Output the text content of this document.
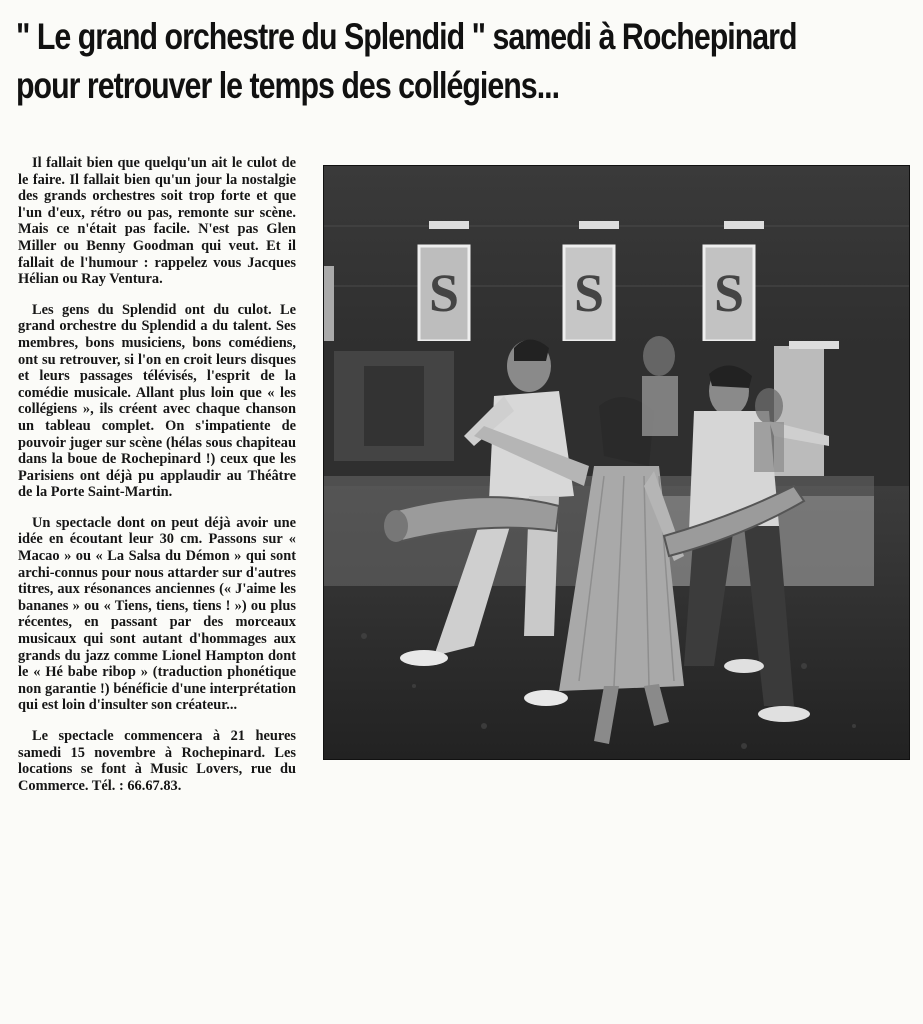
" Le grand orchestre du Splendid " samedi à Rochepinard
pour retrouver le temps des collégiens...

Il fallait bien que quelqu'un ait le culot de le faire. Il fallait bien qu'un jour la nostalgie des grands orchestres soit trop forte et que l'un d'eux, rétro ou pas, remonte sur scène. Mais ce n'était pas facile. N'est pas Glen Miller ou Benny Goodman qui veut. Et il fallait de l'humour : rappelez vous Jacques Hélian ou Ray Ventura.

Les gens du Splendid ont du culot. Le grand orchestre du Splendid a du talent. Ses membres, bons musiciens, bons comédiens, ont su retrouver, si l'on en croit leurs disques et leurs passages télévisés, l'esprit de la comédie musicale. Allant plus loin que « les collégiens », ils créent avec chaque chanson un tableau complet. On s'impatiente de pouvoir juger sur scène (hélas sous chapiteau dans la boue de Rochepinard !) ceux que les Parisiens ont déjà pu applaudir au Théâtre de la Porte Saint-Martin.

Un spectacle dont on peut déjà avoir une idée en écoutant leur 30 cm. Passons sur « Macao » ou « La Salsa du Démon » qui sont archi-connus pour nous attarder sur d'autres titres, aux résonances anciennes (« J'aime les bananes » ou « Tiens, tiens, tiens ! ») ou plus récentes, en passant par des morceaux musicaux qui sont autant d'hommages aux grands du jazz comme Lionel Hampton dont le « Hé babe ribop » (traduction phonétique non garantie !) bénéficie d'une interprétation qui est loin d'insulter son créateur...

Le spectacle commencera à 21 heures samedi 15 novembre à Rochepinard. Les locations se font à Music Lovers, rue du Commerce. Tél. : 66.67.83.

S S S
